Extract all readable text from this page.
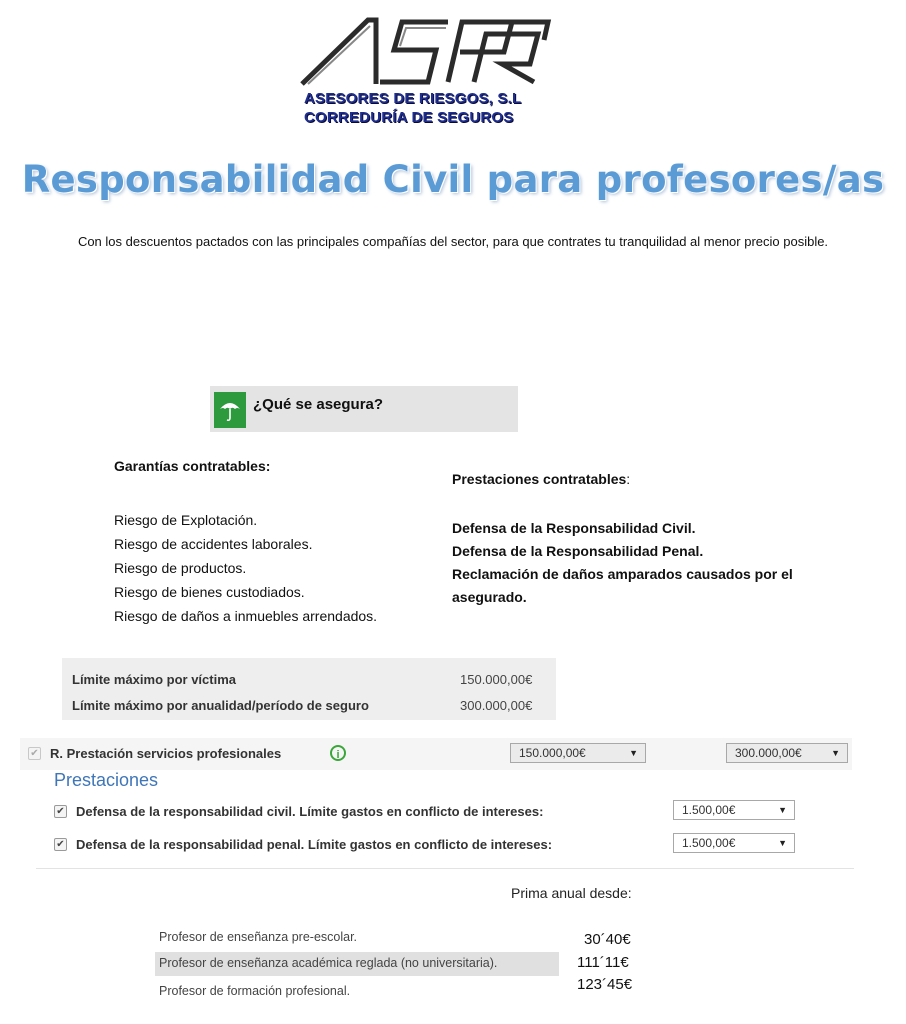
ASESORES DE RIESGOS, S.L
CORREDURÍA DE SEGUROS
Responsabilidad Civil para profesores/as
Con los descuentos pactados con las principales compañías del sector, para que contrates tu tranquilidad al menor precio posible.
¿Qué se asegura?
Garantías contratables:
Riesgo de Explotación.
Riesgo de accidentes laborales.
Riesgo de productos.
Riesgo de bienes custodiados.
Riesgo de daños a inmuebles arrendados.
Prestaciones contratables:
Defensa de la Responsabilidad Civil.
Defensa de la Responsabilidad Penal.
Reclamación de daños amparados causados por el asegurado.
Límite máximo por víctima	150.000,00€
Límite máximo por anualidad/período de seguro	300.000,00€
✔ R. Prestación servicios profesionales	i	150.000,00€	▼	300.000,00€	▼
Prestaciones
✔ Defensa de la responsabilidad civil. Límite gastos en conflicto de intereses:	1.500,00€	▼
✔ Defensa de la responsabilidad penal. Límite gastos en conflicto de intereses:	1.500,00€	▼
Prima anual desde:
Profesor de enseñanza pre-escolar.	30´40€
Profesor de enseñanza académica reglada (no universitaria).	111´11€
Profesor de formación profesional.	123´45€
